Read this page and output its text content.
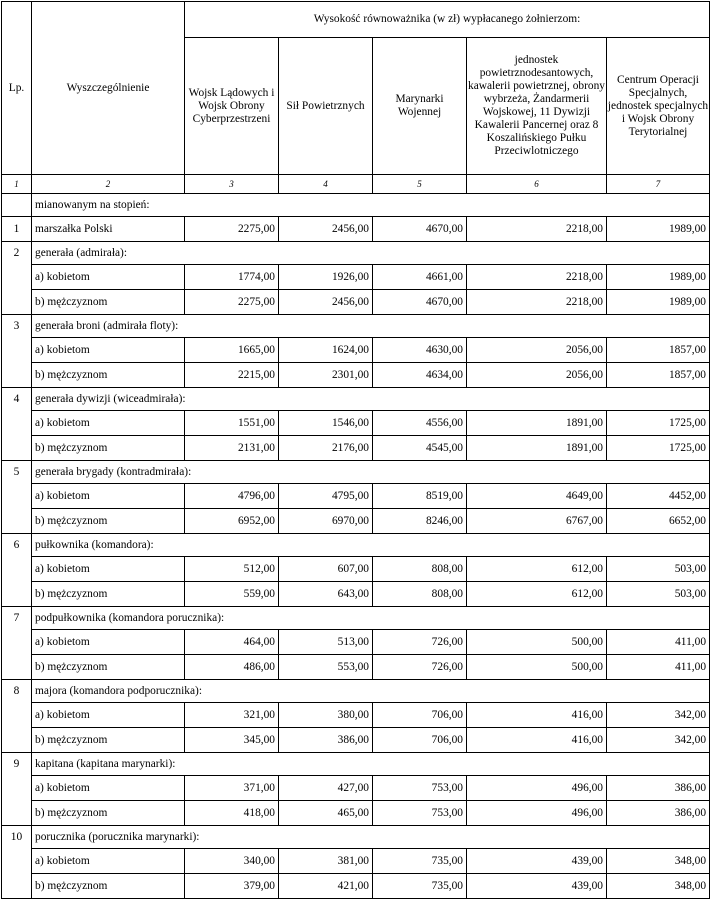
Lp.	Wyszczególnienie	Wysokość równoważnika (w zł) wypłacanego żołnierzom:				
		Wojsk Lądowych i Wojsk Obrony Cyberprzestrzeni	Sił Powietrznych	Marynarki Wojennej	jednostek powietrznodesantowych, kawalerii powietrznej, obrony wybrzeża, Żandarmerii Wojskowej, 11 Dywizji Kawalerii Pancernej oraz 8 Koszalińskiego Pułku Przeciwlotniczego	Centrum Operacji Specjalnych, jednostek specjalnych i Wojsk Obrony Terytorialnej
1	2	3	4	5	6	7
	mianowanym na stopień:					
1	marszałka Polski	2275,00	2456,00	4670,00	2218,00	1989,00
2	generała (admirała):					
	a) kobietom	1774,00	1926,00	4661,00	2218,00	1989,00
	b) mężczyznom	2275,00	2456,00	4670,00	2218,00	1989,00
3	generała broni (admirała floty):					
	a) kobietom	1665,00	1624,00	4630,00	2056,00	1857,00
	b) mężczyznom	2215,00	2301,00	4634,00	2056,00	1857,00
4	generała dywizji (wiceadmirała):					
	a) kobietom	1551,00	1546,00	4556,00	1891,00	1725,00
	b) mężczyznom	2131,00	2176,00	4545,00	1891,00	1725,00
5	generała brygady (kontradmirała):					
	a) kobietom	4796,00	4795,00	8519,00	4649,00	4452,00
	b) mężczyznom	6952,00	6970,00	8246,00	6767,00	6652,00
6	pułkownika (komandora):					
	a) kobietom	512,00	607,00	808,00	612,00	503,00
	b) mężczyznom	559,00	643,00	808,00	612,00	503,00
7	podpułkownika (komandora porucznika):					
	a) kobietom	464,00	513,00	726,00	500,00	411,00
	b) mężczyznom	486,00	553,00	726,00	500,00	411,00
8	majora (komandora podporucznika):					
	a) kobietom	321,00	380,00	706,00	416,00	342,00
	b) mężczyznom	345,00	386,00	706,00	416,00	342,00
9	kapitana (kapitana marynarki):					
	a) kobietom	371,00	427,00	753,00	496,00	386,00
	b) mężczyznom	418,00	465,00	753,00	496,00	386,00
10	porucznika (porucznika marynarki):					
	a) kobietom	340,00	381,00	735,00	439,00	348,00
	b) mężczyznom	379,00	421,00	735,00	439,00	348,00
